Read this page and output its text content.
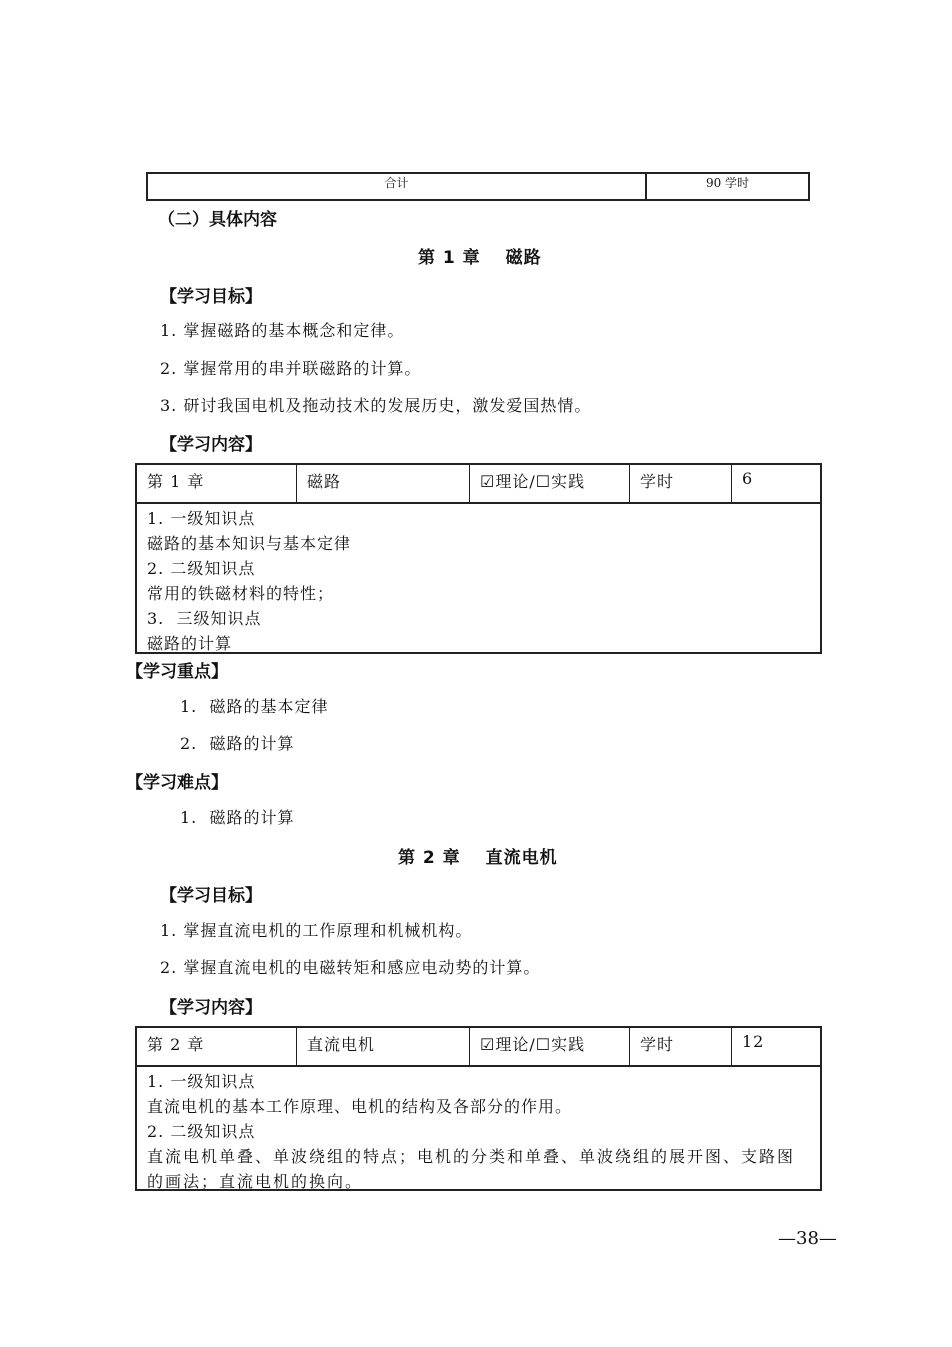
合计	90 学时
（二）具体内容
第 1 章　 磁路
【学习目标】
1. 掌握磁路的基本概念和定律。
2. 掌握常用的串并联磁路的计算。
3. 研讨我国电机及拖动技术的发展历史，激发爱国热情。
【学习内容】
第 1 章	磁路	☑理论/☐实践	学时	6
1. 一级知识点
磁路的基本知识与基本定律
2. 二级知识点
常用的铁磁材料的特性；
3.  三级知识点
磁路的计算
【学习重点】
1.  磁路的基本定律
2.  磁路的计算
【学习难点】
1.  磁路的计算
第 2 章　 直流电机
【学习目标】
1. 掌握直流电机的工作原理和机械机构。
2. 掌握直流电机的电磁转矩和感应电动势的计算。
【学习内容】
第 2 章	直流电机	☑理论/☐实践	学时	12
1. 一级知识点
直流电机的基本工作原理、电机的结构及各部分的作用。
2. 二级知识点
直流电机单叠、单波绕组的特点；电机的分类和单叠、单波绕组的展开图、支路图的画法；直流电机的换向。
—38—
